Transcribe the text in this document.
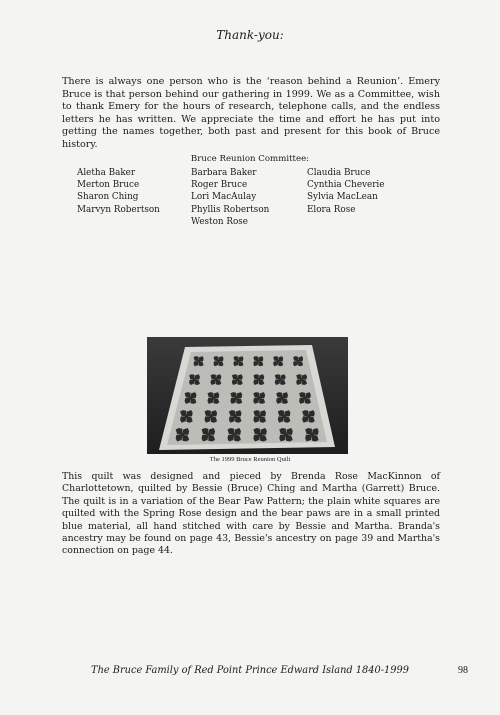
Thank-you:
There is always one person who is the ‘reason behind a Reunion’. Emery Bruce is that person behind our gathering in 1999. We as a Committee, wish to thank Emery for the hours of research, telephone calls, and the endless letters he has written. We appreciate the time and effort he has put into getting the names together, both past and present for this book of Bruce history.
Bruce Reunion Committee:
Aletha Baker
Merton Bruce
Sharon Ching
Marvyn Robertson
Barbara Baker
Roger Bruce
Lori MacAulay
Phyllis Robertson
Weston Rose
Claudia Bruce
Cynthia Cheverie
Sylvia MacLean
Elora Rose
The 1999 Bruce Reunion Quilt
This quilt was designed and pieced by Brenda Rose MacKinnon of Charlottetown, quilted by Bessie (Bruce) Ching and Martha (Garrett) Bruce. The quilt is in a variation of the Bear Paw Pattern; the plain white squares are quilted with the Spring Rose design and the bear paws are in a small printed blue material, all hand stitched with care by Bessie and Martha. Branda's ancestry may be found on page 43, Bessie's ancestry on page 39 and Martha's connection on page 44.
The Bruce Family of Red Point Prince Edward Island 1840-1999	98
